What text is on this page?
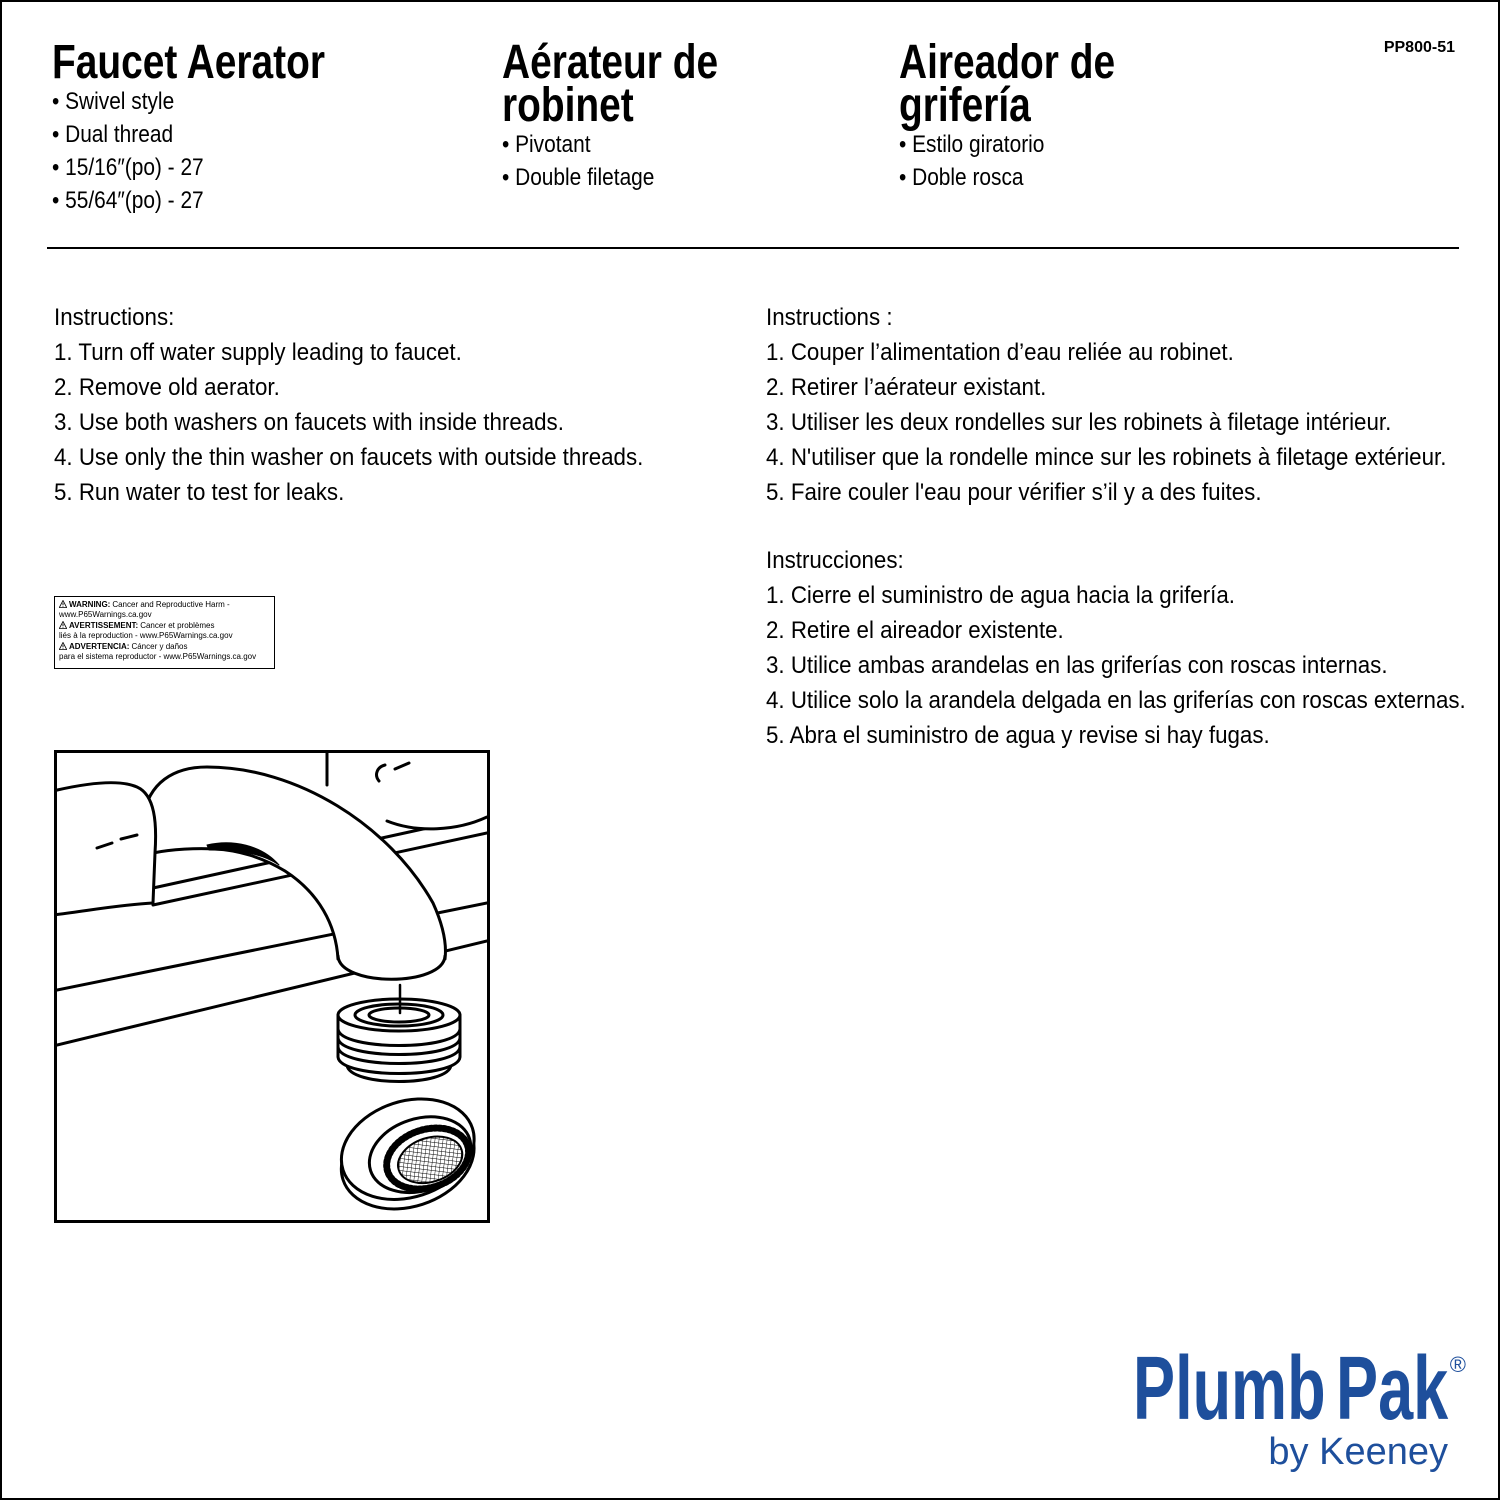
Faucet Aerator
• Swivel style
• Dual thread
• 15/16″(po) - 27
• 55/64″(po) - 27
Aérateur de
robinet
• Pivotant
• Double filetage
Aireador de
grifería
• Estilo giratorio
• Doble rosca
PP800-51
Instructions:
1. Turn off water supply leading to faucet.
2. Remove old aerator.
3. Use both washers on faucets with inside threads.
4. Use only the thin washer on faucets with outside threads.
5. Run water to test for leaks.
Instructions :
1. Couper l’alimentation d’eau reliée au robinet.
2. Retirer l’aérateur existant.
3. Utiliser les deux rondelles sur les robinets à filetage intérieur.
4. N'utiliser que la rondelle mince sur les robinets à filetage extérieur.
5. Faire couler l'eau pour vérifier s’il y a des fuites.
Instrucciones:
1. Cierre el suministro de agua hacia la grifería.
2. Retire el aireador existente.
3. Utilice ambas arandelas en las griferías con roscas internas.
4. Utilice solo la arandela delgada en las griferías con roscas externas.
5. Abra el suministro de agua y revise si hay fugas.
WARNING: Cancer and Reproductive Harm -
www.P65Warnings.ca.gov
AVERTISSEMENT: Cancer et problèmes
liés à la reproduction - www.P65Warnings.ca.gov
ADVERTENCIA: Cáncer y daños
para el sistema reproductor - www.P65Warnings.ca.gov
Plumb Pak ®
by Keeney
